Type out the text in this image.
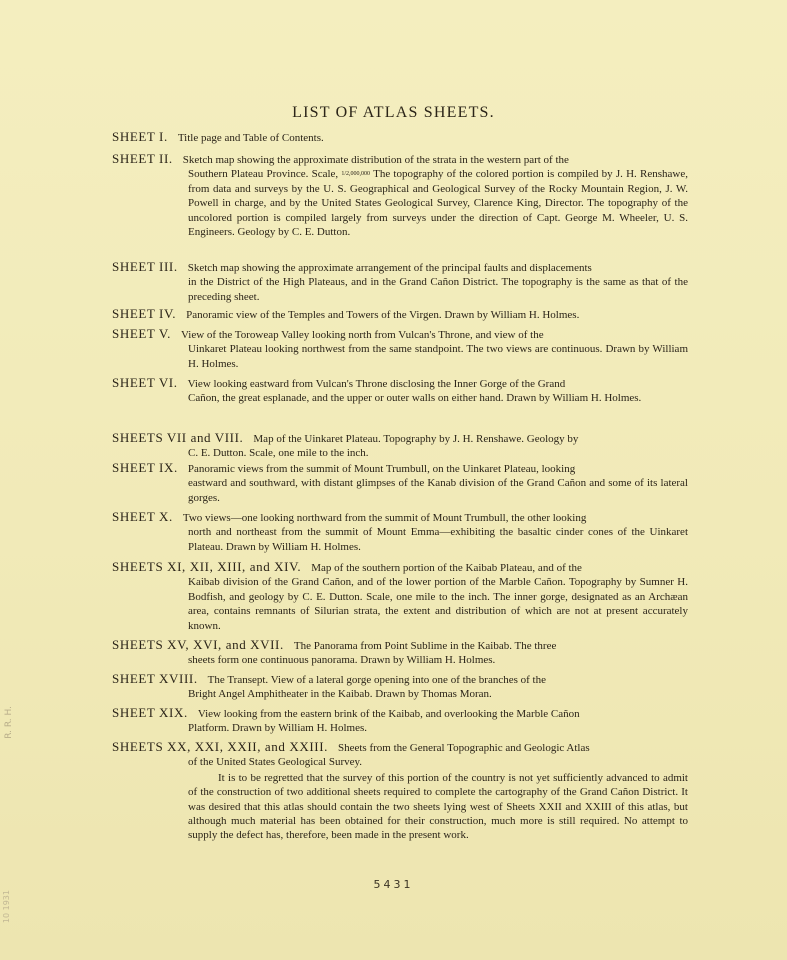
LIST OF ATLAS SHEETS.

SHEET I. Title page and Table of Contents.

SHEET II. Sketch map showing the approximate distribution of the strata in the western part of the

Southern Plateau Province. Scale, 1/2,000,000 The topography of the colored portion is compiled by J. H. Renshawe, from data and surveys by the U. S. Geographical and Geological Survey of the Rocky Mountain Region, J. W. Powell in charge, and by the United States Geological Survey, Clarence King, Director. The topography of the uncolored portion is compiled largely from surveys under the direction of Capt. George M. Wheeler, U. S. Engineers. Geology by C. E. Dutton.

SHEET III. Sketch map showing the approximate arrangement of the principal faults and displacements

in the District of the High Plateaus, and in the Grand Cañon District. The topography is the same as that of the preceding sheet.

SHEET IV. Panoramic view of the Temples and Towers of the Virgen. Drawn by William H. Holmes.

SHEET V. View of the Toroweap Valley looking north from Vulcan's Throne, and view of the

Uinkaret Plateau looking northwest from the same standpoint. The two views are continuous. Drawn by William H. Holmes.

SHEET VI. View looking eastward from Vulcan's Throne disclosing the Inner Gorge of the Grand

Cañon, the great esplanade, and the upper or outer walls on either hand. Drawn by William H. Holmes.

SHEETS VII and VIII. Map of the Uinkaret Plateau. Topography by J. H. Renshawe. Geology by

C. E. Dutton. Scale, one mile to the inch.

SHEET IX. Panoramic views from the summit of Mount Trumbull, on the Uinkaret Plateau, looking

eastward and southward, with distant glimpses of the Kanab division of the Grand Cañon and some of its lateral gorges.

SHEET X. Two views—one looking northward from the summit of Mount Trumbull, the other looking

north and northeast from the summit of Mount Emma—exhibiting the basaltic cinder cones of the Uinkaret Plateau. Drawn by William H. Holmes.

SHEETS XI, XII, XIII, and XIV. Map of the southern portion of the Kaibab Plateau, and of the

Kaibab division of the Grand Cañon, and of the lower portion of the Marble Cañon. Topography by Sumner H. Bodfish, and geology by C. E. Dutton. Scale, one mile to the inch. The inner gorge, designated as an Archæan area, contains remnants of Silurian strata, the extent and distribution of which are not at present accurately known.

SHEETS XV, XVI, and XVII. The Panorama from Point Sublime in the Kaibab. The three

sheets form one continuous panorama. Drawn by William H. Holmes.

SHEET XVIII. The Transept. View of a lateral gorge opening into one of the branches of the

Bright Angel Amphitheater in the Kaibab. Drawn by Thomas Moran.

SHEET XIX. View looking from the eastern brink of the Kaibab, and overlooking the Marble Cañon

Platform. Drawn by William H. Holmes.

SHEETS XX, XXI, XXII, and XXIII. Sheets from the General Topographic and Geologic Atlas

of the United States Geological Survey.

It is to be regretted that the survey of this portion of the country is not yet sufficiently advanced to admit of the construction of two additional sheets required to complete the cartography of the Grand Cañon District. It was desired that this atlas should contain the two sheets lying west of Sheets XXII and XXIII of this atlas, but although much material has been obtained for their construction, much more is still required. No attempt to supply the defect has, therefore, been made in the present work.

5431
R. R. H.
10 1931
